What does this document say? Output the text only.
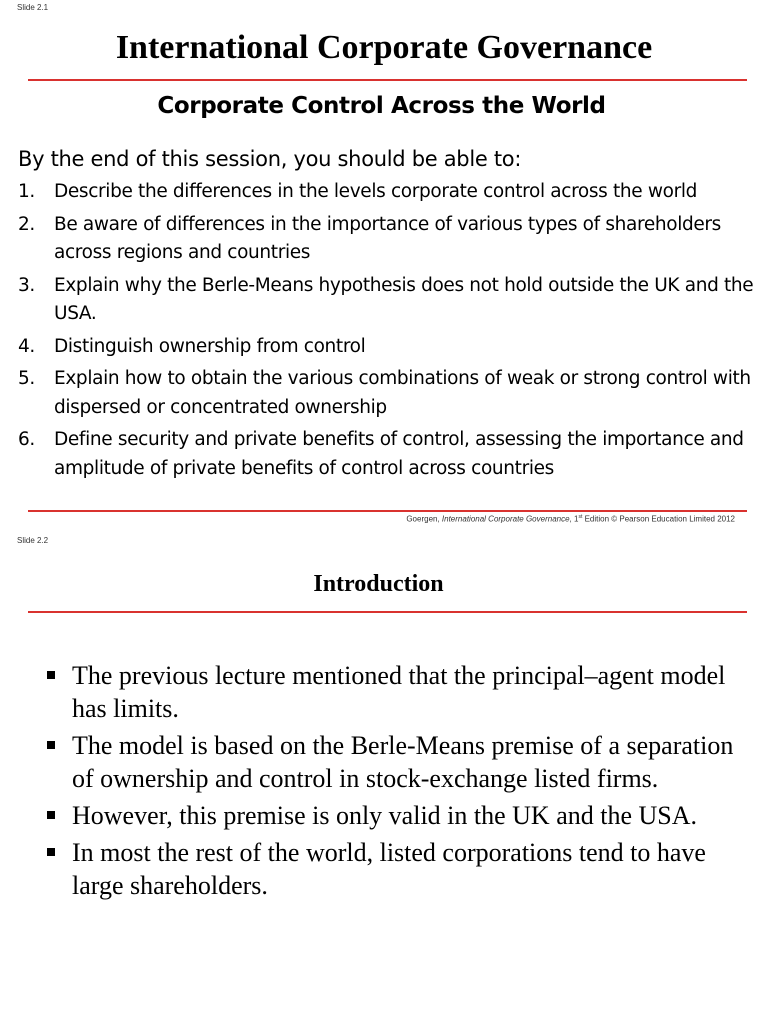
Slide 2.1
International Corporate Governance
Corporate Control Across the World
By the end of this session, you should be able to:
1.	Describe the differences in the levels corporate control across the world
2.	Be aware of differences in the importance of various types of shareholders across regions and countries
3.	Explain why the Berle-Means hypothesis does not hold outside the UK and the USA.
4.	Distinguish ownership from control
5.	Explain how to obtain the various combinations of weak or strong control with dispersed or concentrated ownership
6.	Define security and private benefits of control, assessing the importance and amplitude of private benefits of control across countries
Goergen, International Corporate Governance, 1st Edition © Pearson Education Limited 2012
Slide 2.2
Introduction
The previous lecture mentioned that the principal–agent model has limits.
The model is based on the Berle-Means premise of a separation of ownership and control in stock-exchange listed firms.
However, this premise is only valid in the UK and the USA.
In most the rest of the world, listed corporations tend to have large shareholders.
